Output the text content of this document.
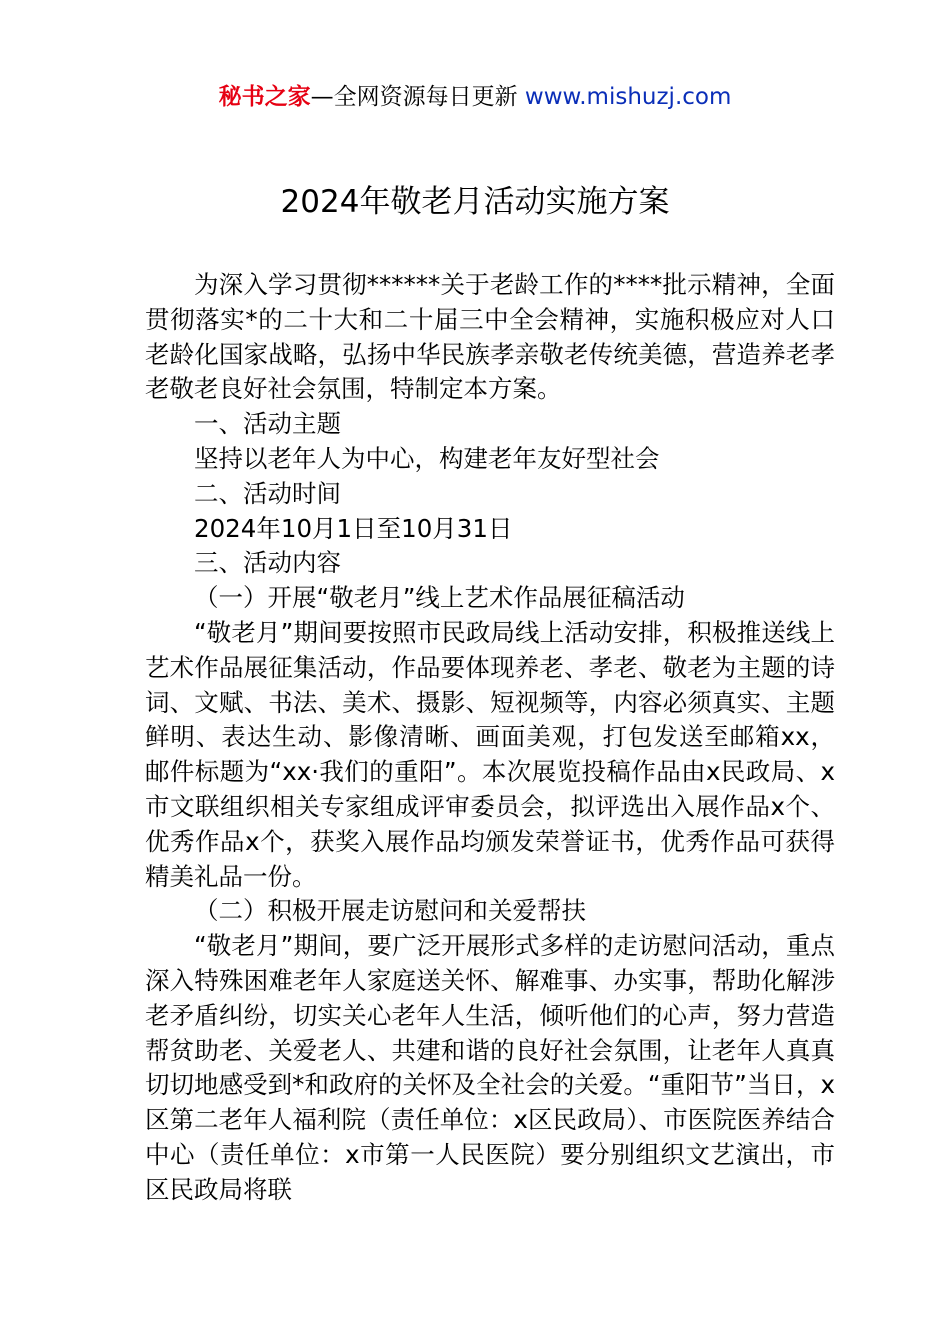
秘书之家—全网资源每日更新 www.mishuzj.com
2024年敬老月活动实施方案

为深入学习贯彻******关于老龄工作的****批示精神，全面贯彻落实*的二十大和二十届三中全会精神，实施积极应对人口老龄化国家战略，弘扬中华民族孝亲敬老传统美德，营造养老孝老敬老良好社会氛围，特制定本方案。

一、活动主题

坚持以老年人为中心，构建老年友好型社会

二、活动时间

2024年10月1日至10月31日

三、活动内容

（一）开展“敬老月”线上艺术作品展征稿活动

“敬老月”期间要按照市民政局线上活动安排，积极推送线上艺术作品展征集活动，作品要体现养老、孝老、敬老为主题的诗词、文赋、书法、美术、摄影、短视频等，内容必须真实、主题鲜明、表达生动、影像清晰、画面美观，打包发送至邮箱xx，邮件标题为“xx·我们的重阳”。本次展览投稿作品由x民政局、x市文联组织相关专家组成评审委员会，拟评选出入展作品x个、优秀作品x个，获奖入展作品均颁发荣誉证书，优秀作品可获得精美礼品一份。

（二）积极开展走访慰问和关爱帮扶

“敬老月”期间，要广泛开展形式多样的走访慰问活动，重点深入特殊困难老年人家庭送关怀、解难事、办实事，帮助化解涉老矛盾纠纷，切实关心老年人生活，倾听他们的心声，努力营造帮贫助老、关爱老人、共建和谐的良好社会氛围，让老年人真真切切地感受到*和政府的关怀及全社会的关爱。“重阳节”当日，x区第二老年人福利院（责任单位：x区民政局）、市医院医养结合中心（责任单位：x市第一人民医院）要分别组织文艺演出，市区民政局将联
